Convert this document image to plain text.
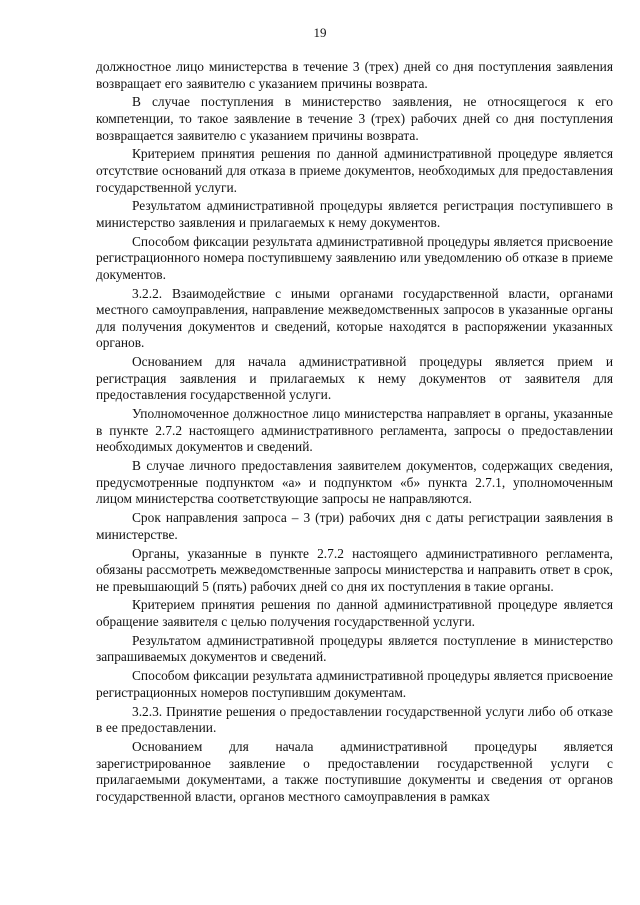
19

должностное лицо министерства в течение 3 (трех) дней со дня поступления заявления возвращает его заявителю с указанием причины возврата.

В случае поступления в министерство заявления, не относящегося к его компетенции, то такое заявление в течение 3 (трех) рабочих дней со дня поступления возвращается заявителю с указанием причины возврата.

Критерием принятия решения по данной административной процедуре является отсутствие оснований для отказа в приеме документов, необходимых для предоставления государственной услуги.

Результатом административной процедуры является регистрация поступившего в министерство заявления и прилагаемых к нему документов.

Способом фиксации результата административной процедуры является присвоение регистрационного номера поступившему заявлению или уведомлению об отказе в приеме документов.

3.2.2. Взаимодействие с иными органами государственной власти, органами местного самоуправления, направление межведомственных запросов в указанные органы для получения документов и сведений, которые находятся в распоряжении указанных органов.

Основанием для начала административной процедуры является прием и регистрация заявления и прилагаемых к нему документов от заявителя для предоставления государственной услуги.

Уполномоченное должностное лицо министерства направляет в органы, указанные в пункте 2.7.2 настоящего административного регламента, запросы о предоставлении необходимых документов и сведений.

В случае личного предоставления заявителем документов, содержащих сведения, предусмотренные подпунктом «а» и подпунктом «б» пункта 2.7.1, уполномоченным лицом министерства соответствующие запросы не направляются.

Срок направления запроса – 3 (три) рабочих дня с даты регистрации заявления в министерстве.

Органы, указанные в пункте 2.7.2 настоящего административного регламента, обязаны рассмотреть межведомственные запросы министерства и направить ответ в срок, не превышающий 5 (пять) рабочих дней со дня их поступления в такие органы.

Критерием принятия решения по данной административной процедуре является обращение заявителя с целью получения государственной услуги.

Результатом административной процедуры является поступление в министерство запрашиваемых документов и сведений.

Способом фиксации результата административной процедуры является присвоение регистрационных номеров поступившим документам.

3.2.3. Принятие решения о предоставлении государственной услуги либо об отказе в ее предоставлении.

Основанием для начала административной процедуры является зарегистрированное заявление о предоставлении государственной услуги с прилагаемыми документами, а также поступившие документы и сведения от органов государственной власти, органов местного самоуправления в рамках
